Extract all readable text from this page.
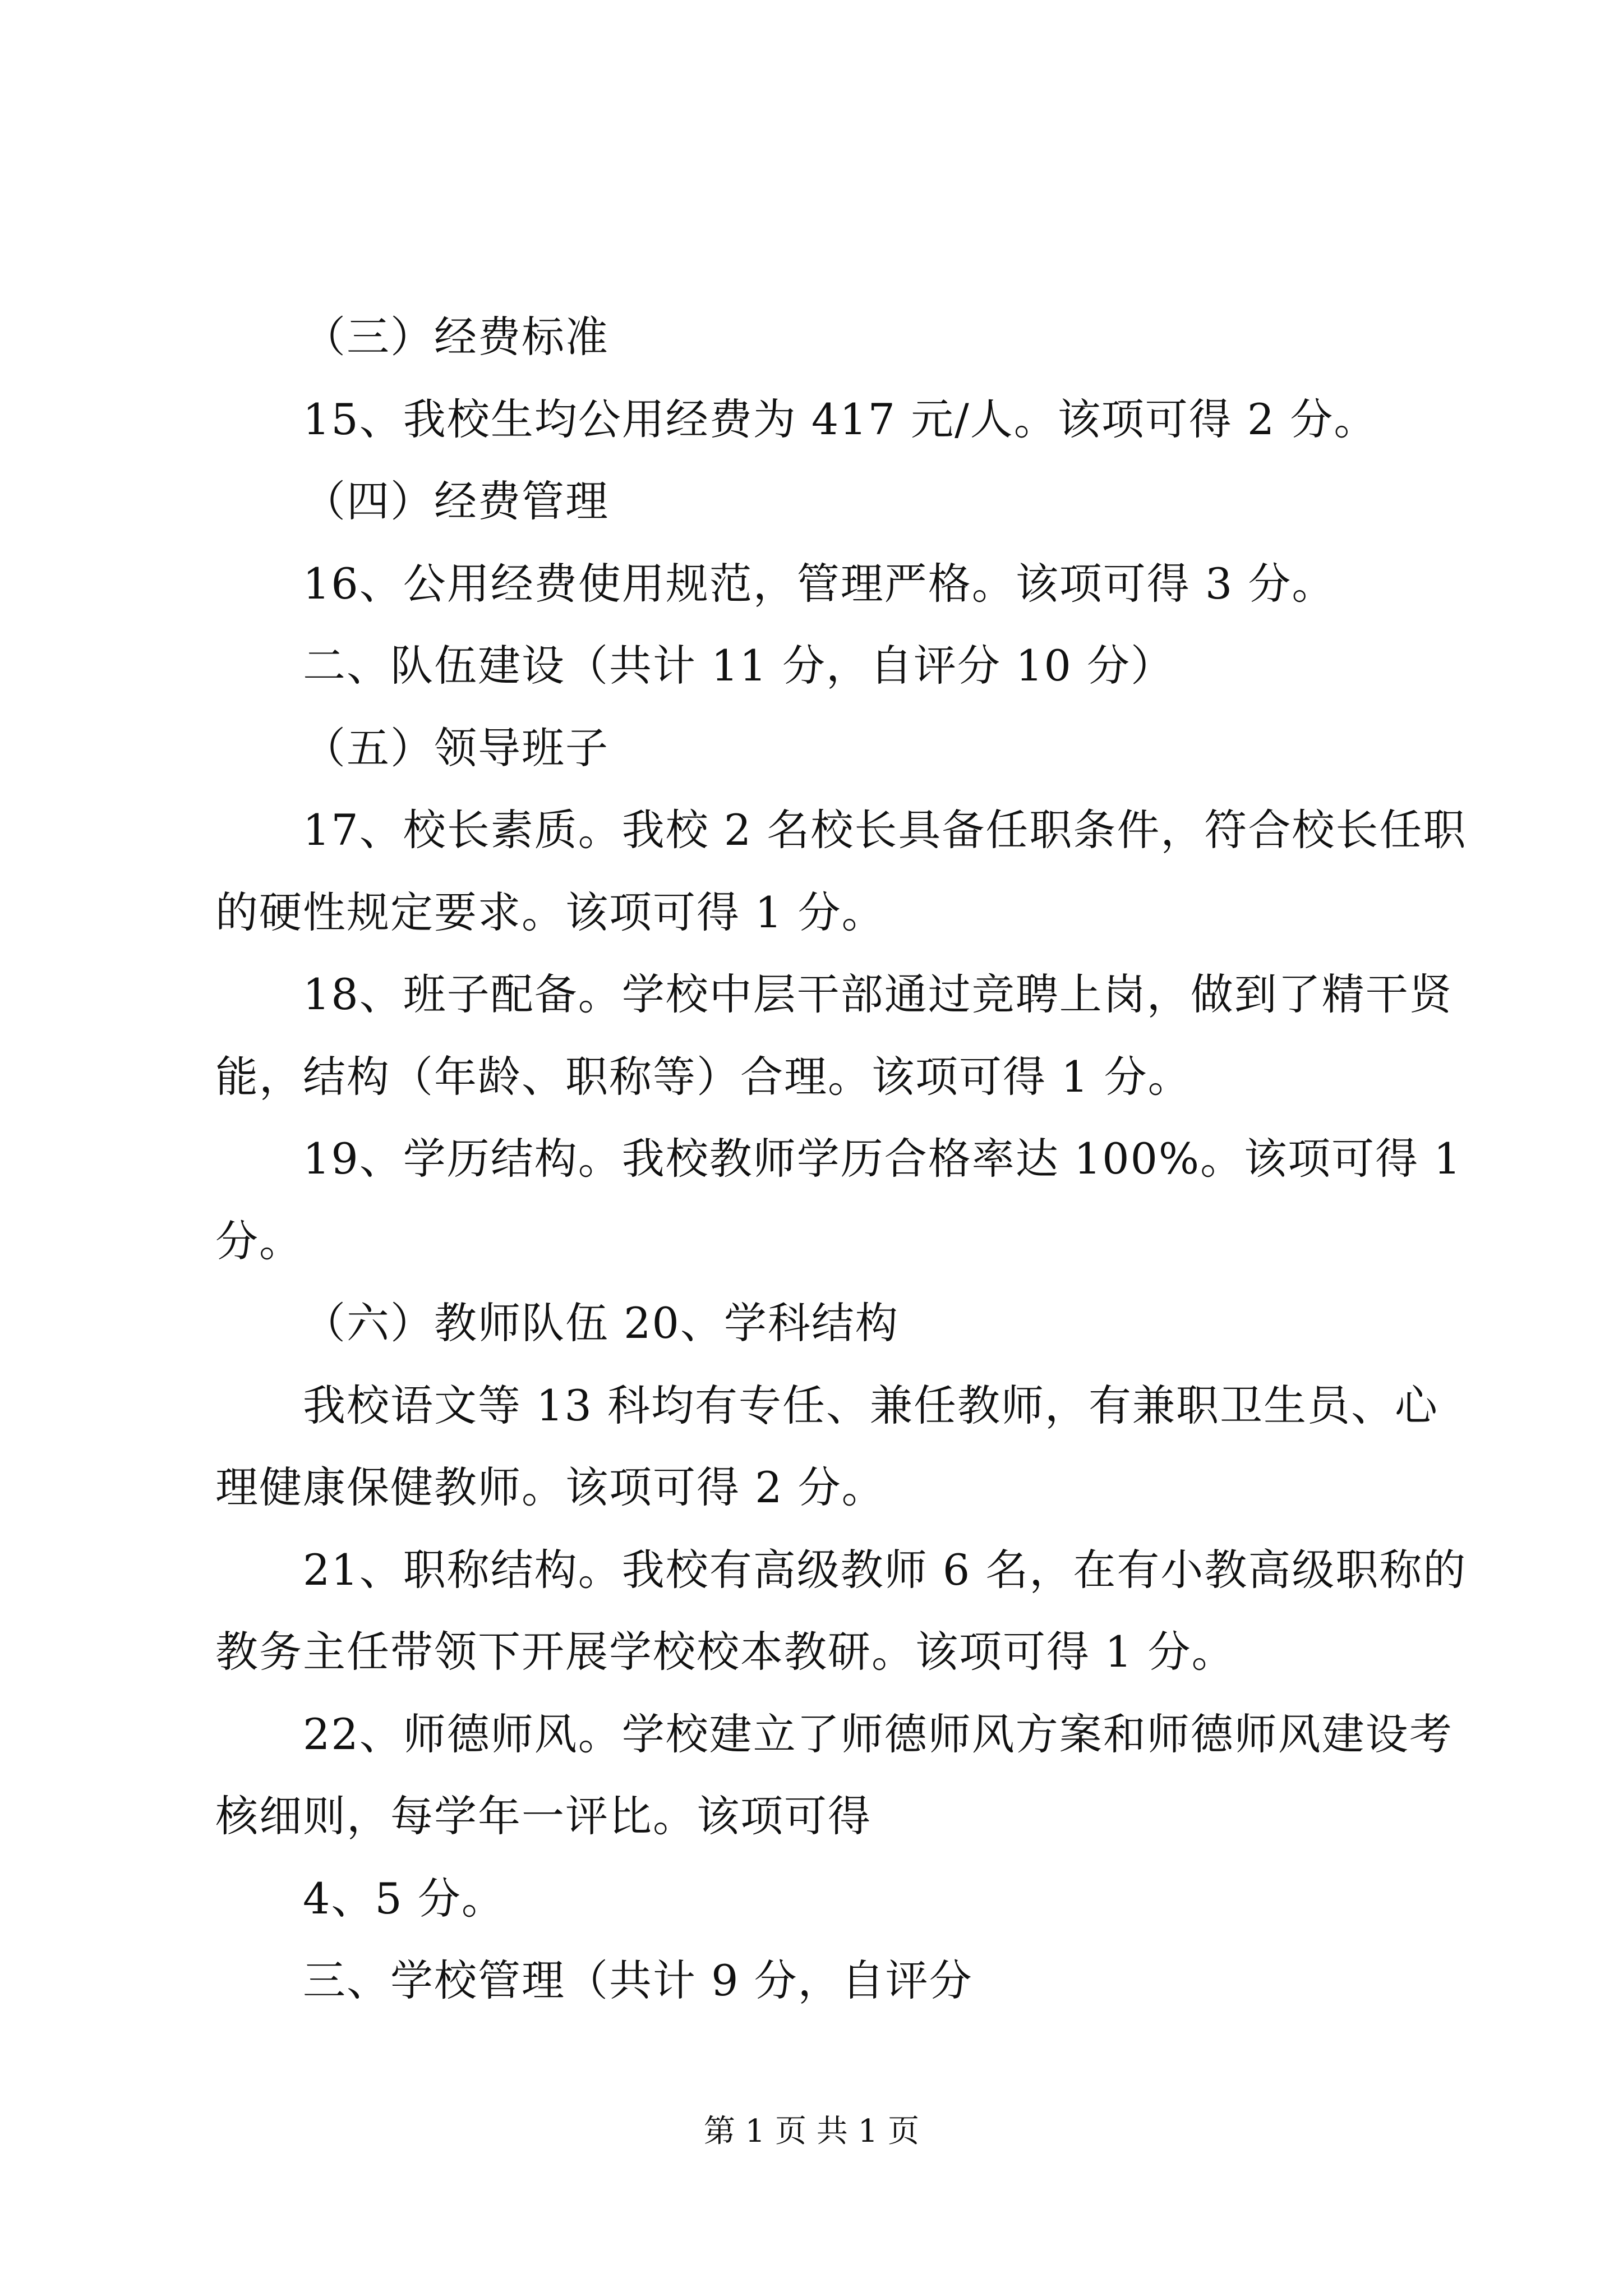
（三）经费标准
15、我校生均公用经费为 417 元/人。该项可得 2 分。
（四）经费管理
16、公用经费使用规范，管理严格。该项可得 3 分。
二、队伍建设（共计 11 分，自评分 10 分）
（五）领导班子
17、校长素质。我校 2 名校长具备任职条件，符合校长任职
的硬性规定要求。该项可得 1 分。
18、班子配备。学校中层干部通过竞聘上岗，做到了精干贤
能，结构（年龄、职称等）合理。该项可得 1 分。
19、学历结构。我校教师学历合格率达 100%。该项可得 1
分。
（六）教师队伍 20、学科结构
我校语文等 13 科均有专任、兼任教师，有兼职卫生员、心
理健康保健教师。该项可得 2 分。
21、职称结构。我校有高级教师 6 名，在有小教高级职称的
教务主任带领下开展学校校本教研。该项可得 1 分。
22、师德师风。学校建立了师德师风方案和师德师风建设考
核细则，每学年一评比。该项可得
4、5 分。
三、学校管理（共计 9 分，自评分
第 1 页 共 1 页
